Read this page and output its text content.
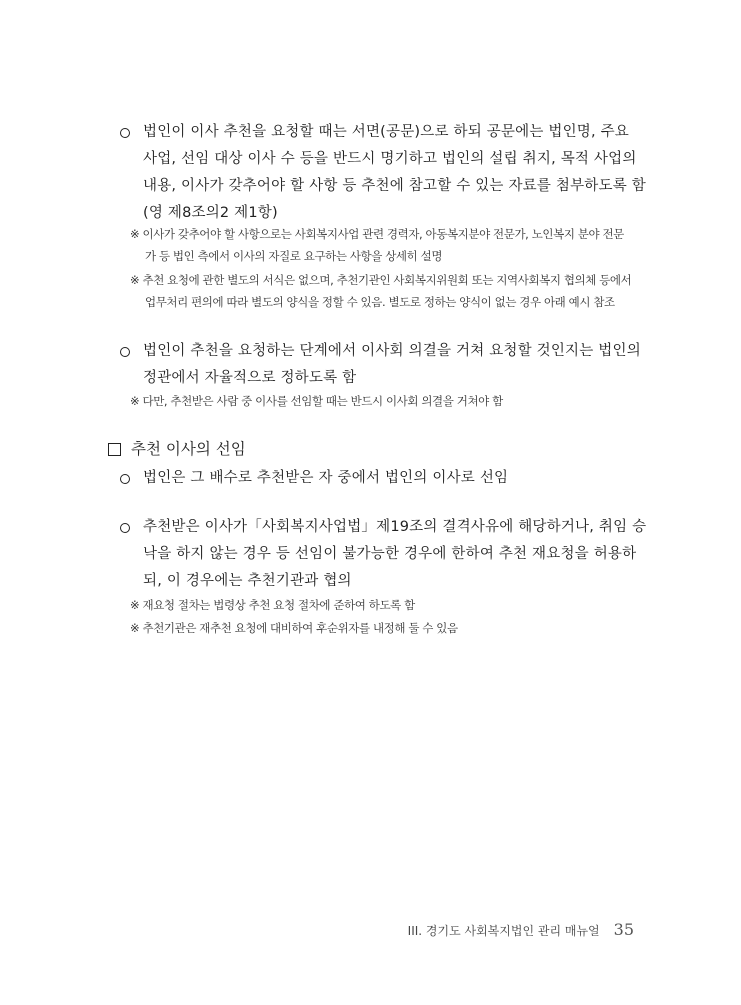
법인이 이사 추천을 요청할 때는 서면(공문)으로 하되 공문에는 법인명, 주요
사업, 선임 대상 이사 수 등을 반드시 명기하고 법인의 설립 취지, 목적 사업의
내용, 이사가 갖추어야 할 사항 등 추천에 참고할 수 있는 자료를 첨부하도록 함
(영 제8조의2 제1항)
※ 이사가 갖추어야 할 사항으로는 사회복지사업 관련 경력자, 아동복지분야 전문가, 노인복지 분야 전문
가 등 법인 측에서 이사의 자질로 요구하는 사항을 상세히 설명
※ 추천 요청에 관한 별도의 서식은 없으며, 추천기관인 사회복지위원회 또는 지역사회복지 협의체 등에서
업무처리 편의에 따라 별도의 양식을 정할 수 있음. 별도로 정하는 양식이 없는 경우 아래 예시 참조
법인이 추천을 요청하는 단계에서 이사회 의결을 거쳐 요청할 것인지는 법인의
정관에서 자율적으로 정하도록 함
※ 다만, 추천받은 사람 중 이사를 선임할 때는 반드시 이사회 의결을 거쳐야 함
추천 이사의 선임
법인은 그 배수로 추천받은 자 중에서 법인의 이사로 선임
추천받은 이사가「사회복지사업법」제19조의 결격사유에 해당하거나, 취임 승
낙을 하지 않는 경우 등 선임이 불가능한 경우에 한하여 추천 재요청을 허용하
되, 이 경우에는 추천기관과 협의
※ 재요청 절차는 법령상 추천 요청 절차에 준하여 하도록 함
※ 추천기관은 재추천 요청에 대비하여 후순위자를 내정해 둘 수 있음
III. 경기도 사회복지법인 관리 매뉴얼 35
